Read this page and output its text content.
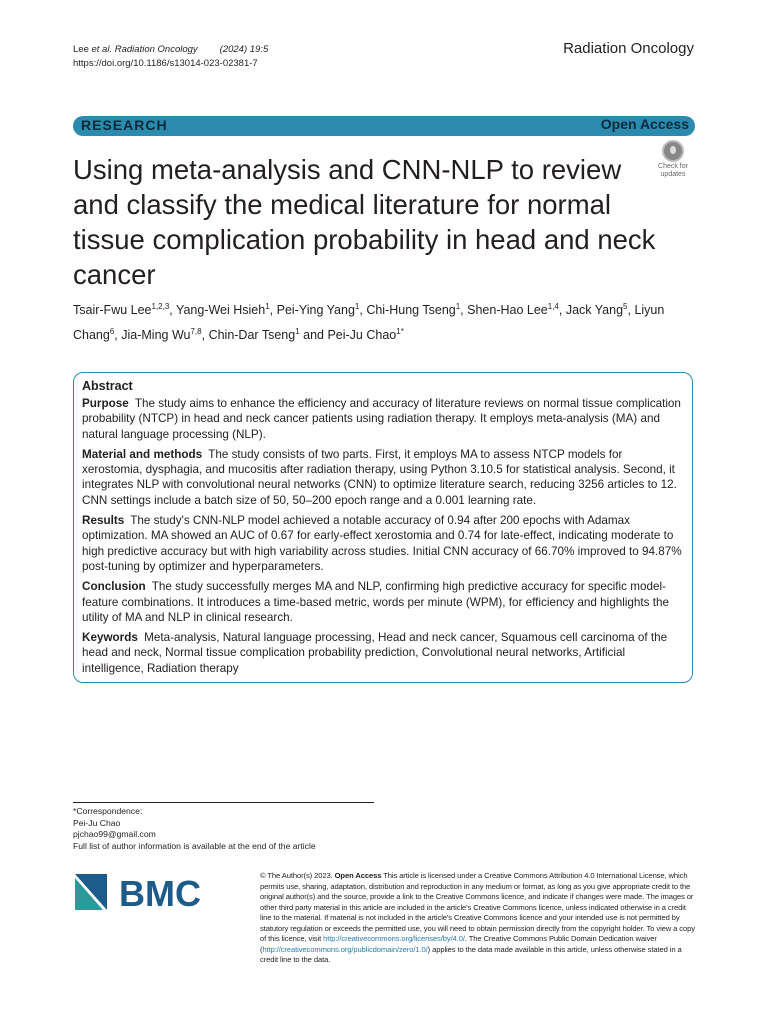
Lee et al. Radiation Oncology (2024) 19:5
https://doi.org/10.1186/s13014-023-02381-7
Radiation Oncology
RESEARCH	Open Access
Using meta-analysis and CNN-NLP to review and classify the medical literature for normal tissue complication probability in head and neck cancer
Check for
updates
Tsair-Fwu Lee$^{1,2,3}$, Yang-Wei Hsieh$^1$, Pei-Ying Yang$^1$, Chi-Hung Tseng$^1$, Shen-Hao Lee$^{1,4}$, Jack Yang$^5$, Liyun Chang$^6$, Jia-Ming Wu$^{7,8}$, Chin-Dar Tseng$^1$ and Pei-Ju Chao$^{1*}$
Abstract

Purpose The study aims to enhance the efficiency and accuracy of literature reviews on normal tissue complication probability (NTCP) in head and neck cancer patients using radiation therapy. It employs meta-analysis (MA) and natural language processing (NLP).

Material and methods The study consists of two parts. First, it employs MA to assess NTCP models for xerostomia, dysphagia, and mucositis after radiation therapy, using Python 3.10.5 for statistical analysis. Second, it integrates NLP with convolutional neural networks (CNN) to optimize literature search, reducing 3256 articles to 12. CNN settings include a batch size of 50, 50–200 epoch range and a 0.001 learning rate.

Results The study's CNN-NLP model achieved a notable accuracy of 0.94 after 200 epochs with Adamax optimization. MA showed an AUC of 0.67 for early-effect xerostomia and 0.74 for late-effect, indicating moderate to high predictive accuracy but with high variability across studies. Initial CNN accuracy of 66.70% improved to 94.87% post-tuning by optimizer and hyperparameters.

Conclusion The study successfully merges MA and NLP, confirming high predictive accuracy for specific model-feature combinations. It introduces a time-based metric, words per minute (WPM), for efficiency and highlights the utility of MA and NLP in clinical research.

Keywords Meta-analysis, Natural language processing, Head and neck cancer, Squamous cell carcinoma of the head and neck, Normal tissue complication probability prediction, Convolutional neural networks, Artificial intelligence, Radiation therapy

*Correspondence:
Pei-Ju Chao
pjchao99@gmail.com
Full list of author information is available at the end of the article
BMC	© The Author(s) 2023. Open Access This article is licensed under a Creative Commons Attribution 4.0 International License, which permits use, sharing, adaptation, distribution and reproduction in any medium or format, as long as you give appropriate credit to the original author(s) and the source, provide a link to the Creative Commons licence, and indicate if changes were made. The images or other third party material in this article are included in the article's Creative Commons licence, unless indicated otherwise in a credit line to the material. If material is not included in the article's Creative Commons licence and your intended use is not permitted by statutory regulation or exceeds the permitted use, you will need to obtain permission directly from the copyright holder. To view a copy of this licence, visit http://creativecommons.org/licenses/by/4.0/. The Creative Commons Public Domain Dedication waiver (http://creativecommons.org/publicdomain/zero/1.0/) applies to the data made available in this article, unless otherwise stated in a credit line to the data.
